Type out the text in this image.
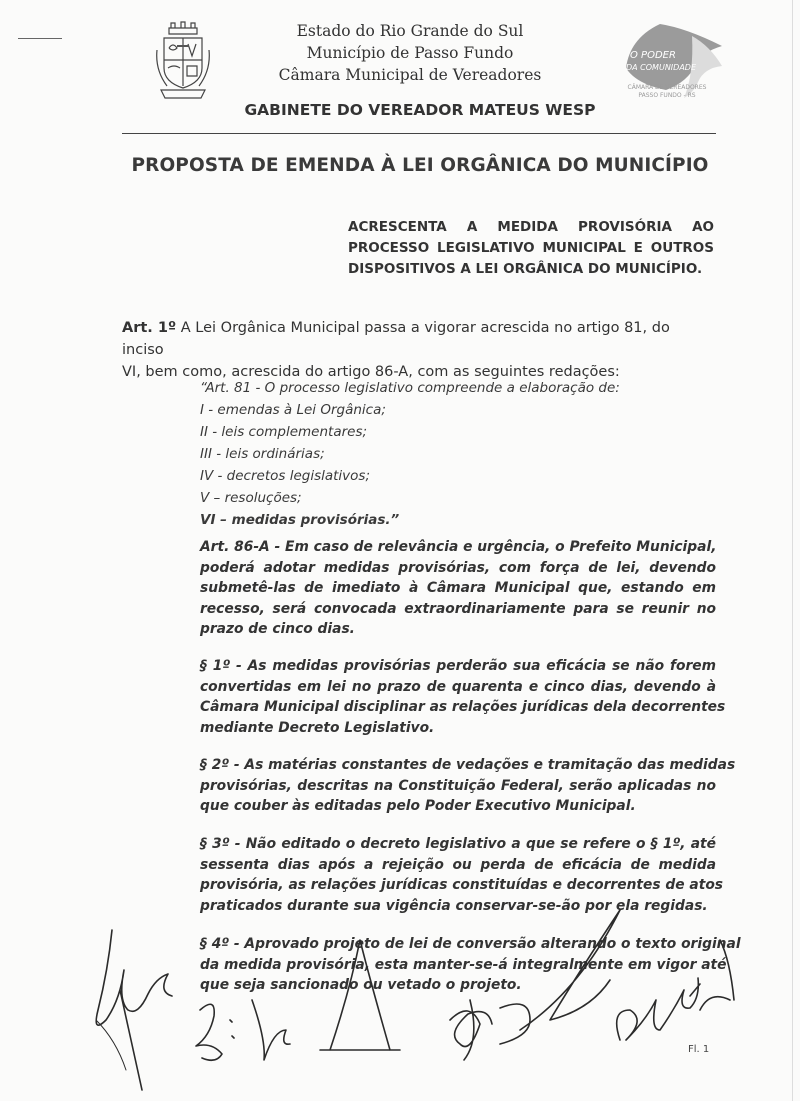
Estado do Rio Grande do Sul
Município de Passo Fundo
Câmara Municipal de Vereadores
O PODER
DA COMUNIDADE
CÂMARA DE VEREADORES
PASSO FUNDO - RS
GABINETE DO VEREADOR MATEUS WESP
PROPOSTA DE EMENDA À LEI ORGÂNICA DO MUNICÍPIO
ACRESCENTA A MEDIDA PROVISÓRIA AO
PROCESSO LEGISLATIVO MUNICIPAL E OUTROS
DISPOSITIVOS A LEI ORGÂNICA DO MUNICÍPIO.
Art. 1º A Lei Orgânica Municipal passa a vigorar acrescida no artigo 81, do inciso
VI, bem como, acrescida do artigo 86-A, com as seguintes redações:
“Art. 81 - O processo legislativo compreende a elaboração de:
I - emendas à Lei Orgânica;
II - leis complementares;
III - leis ordinárias;
IV - decretos legislativos;
V – resoluções;
VI – medidas provisórias.”
Art. 86-A - Em caso de relevância e urgência, o Prefeito Municipal,
poderá adotar medidas provisórias, com força de lei, devendo
submetê-las de imediato à Câmara Municipal que, estando em
recesso, será convocada extraordinariamente para se reunir no
prazo de cinco dias.
§ 1º - As medidas provisórias perderão sua eficácia se não forem
convertidas em lei no prazo de quarenta e cinco dias, devendo à
Câmara Municipal disciplinar as relações jurídicas dela decorrentes
mediante Decreto Legislativo.
§ 2º - As matérias constantes de vedações e tramitação das medidas
provisórias, descritas na Constituição Federal, serão aplicadas no
que couber às editadas pelo Poder Executivo Municipal.
§ 3º - Não editado o decreto legislativo a que se refere o § 1º, até
sessenta dias após a rejeição ou perda de eficácia de medida
provisória, as relações jurídicas constituídas e decorrentes de atos
praticados durante sua vigência conservar-se-ão por ela regidas.
§ 4º - Aprovado projeto de lei de conversão alterando o texto original
da medida provisória, esta manter-se-á integralmente em vigor até
que seja sancionado ou vetado o projeto.
Fl. 1
